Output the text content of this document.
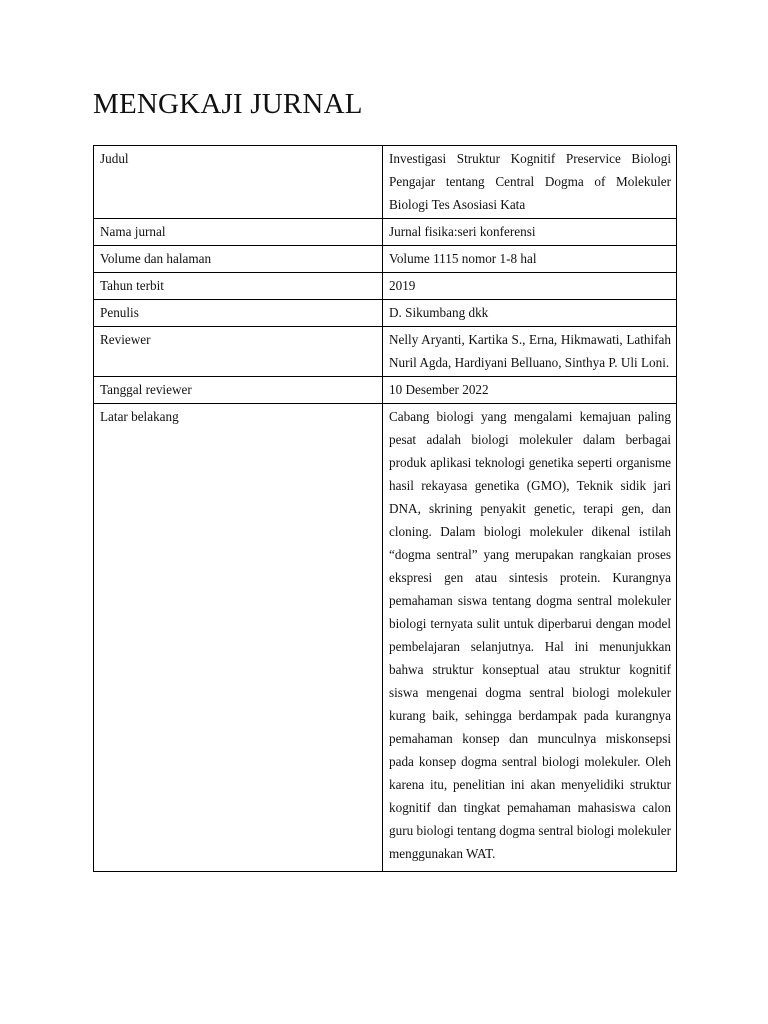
MENGKAJI JURNAL
Judul	Investigasi Struktur Kognitif Preservice Biologi Pengajar tentang Central Dogma of Molekuler Biologi Tes Asosiasi Kata
Nama jurnal	Jurnal fisika:seri konferensi
Volume dan halaman	Volume 1115 nomor 1-8 hal
Tahun terbit	2019
Penulis	D. Sikumbang dkk
Reviewer	Nelly Aryanti, Kartika S., Erna, Hikmawati, Lathifah Nuril Agda, Hardiyani Belluano, Sinthya P. Uli Loni.
Tanggal reviewer	10 Desember 2022
Latar belakang	Cabang biologi yang mengalami kemajuan paling pesat adalah biologi molekuler dalam berbagai produk aplikasi teknologi genetika seperti organisme hasil rekayasa genetika (GMO), Teknik sidik jari DNA, skrining penyakit genetic, terapi gen, dan cloning. Dalam biologi molekuler dikenal istilah “dogma sentral” yang merupakan rangkaian proses ekspresi gen atau sintesis protein. Kurangnya pemahaman siswa tentang dogma sentral molekuler biologi ternyata sulit untuk diperbarui dengan model pembelajaran selanjutnya. Hal ini menunjukkan bahwa struktur konseptual atau struktur kognitif siswa mengenai dogma sentral biologi molekuler kurang baik, sehingga berdampak pada kurangnya pemahaman konsep dan munculnya miskonsepsi pada konsep dogma sentral biologi molekuler. Oleh karena itu, penelitian ini akan menyelidiki struktur kognitif dan tingkat pemahaman mahasiswa calon guru biologi tentang dogma sentral biologi molekuler menggunakan WAT.
